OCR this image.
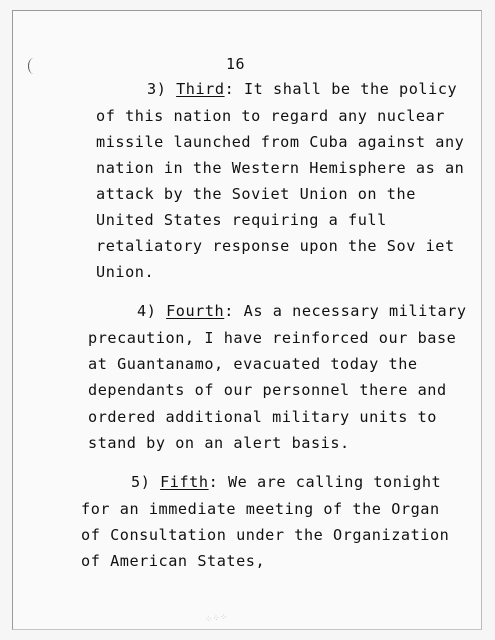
16
3) Third: It shall be the policy
of this nation to regard any nuclear
missile launched from Cuba against any
nation in the Western Hemisphere as an
attack by the Soviet Union on the
United States requiring a full
retaliatory response upon the Sov iet
Union.
4) Fourth: As a necessary military
precaution, I have reinforced our base
at Guantanamo, evacuated today the
dependants of our personnel there and
ordered additional military units to
stand by on an alert basis.
5) Fifth: We are calling tonight
for an immediate meeting of the Organ
of Consultation under the Organization
of American States,
⁘⁘⁘
